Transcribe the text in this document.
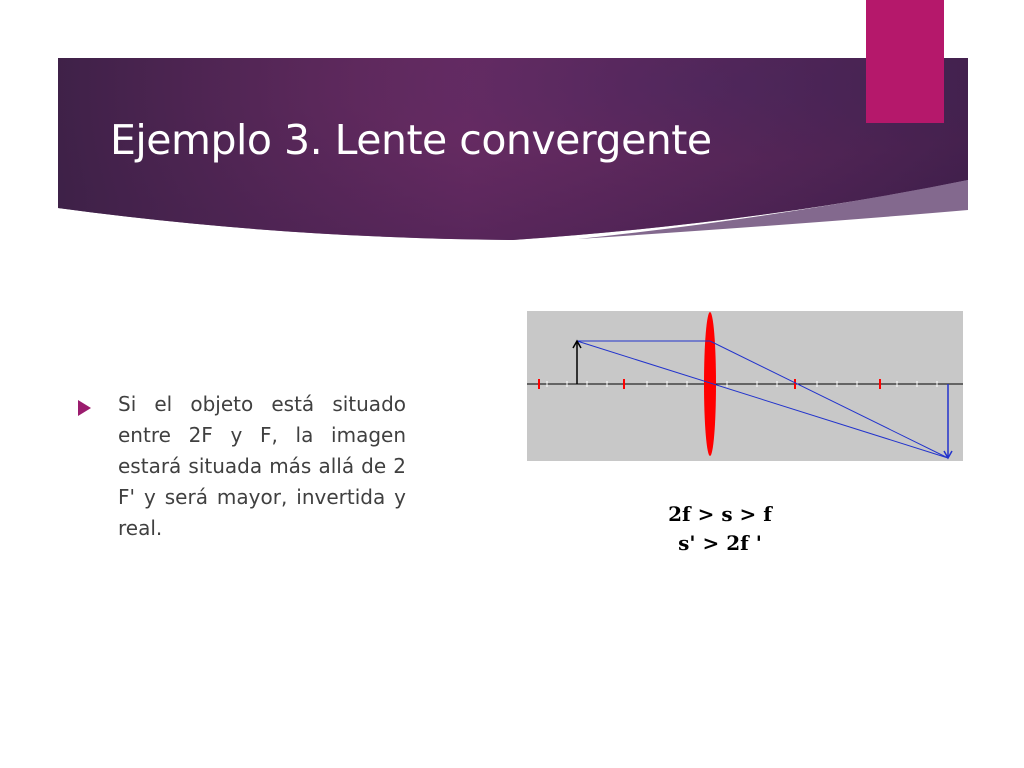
Ejemplo 3. Lente convergente

Si el objeto está situado entre 2F y F, la imagen estará situada más allá de 2 F' y será mayor, invertida y real.

2f > s > f
s' > 2f '
